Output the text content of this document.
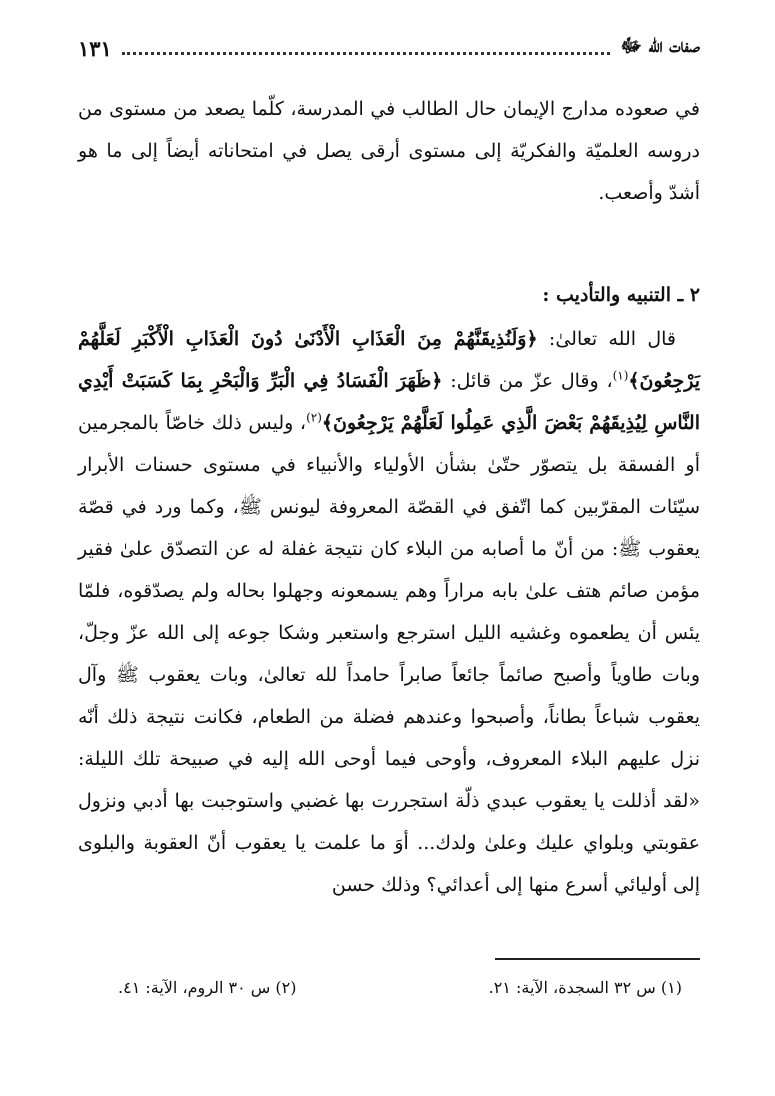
صفات الله ﷻ
١٣١

في صعوده مدارج الإيمان حال الطالب في المدرسة، كلّما يصعد من مستوى من دروسه العلميّة والفكريّة إلى مستوى أرقى يصل في امتحاناته أيضاً إلى ما هو أشدّ وأصعب.

٢ ـ التنبيه والتأديب :

قال الله تعالىٰ: ﴿وَلَنُذِيقَنَّهُمْ مِنَ الْعَذَابِ الْأَدْنَىٰ دُونَ الْعَذَابِ الْأَكْبَرِ لَعَلَّهُمْ يَرْجِعُونَ﴾$^{(١)}$، وقال عزّ من قائل: ﴿ظَهَرَ الْفَسَادُ فِي الْبَرِّ وَالْبَحْرِ بِمَا كَسَبَتْ أَيْدِي النَّاسِ لِيُذِيقَهُمْ بَعْضَ الَّذِي عَمِلُوا لَعَلَّهُمْ يَرْجِعُونَ﴾$^{(٢)}$، وليس ذلك خاصّاً بالمجرمين أو الفسقة بل يتصوّر حتّىٰ بشأن الأولياء والأنبياء في مستوى حسنات الأبرار سيّئات المقرّبين كما اتّفق في القصّة المعروفة ليونس ﷺ، وكما ورد في قصّة يعقوب ﷺ: من أنّ ما أصابه من البلاء كان نتيجة غفلة له عن التصدّق علىٰ فقير مؤمن صائم هتف علىٰ بابه مراراً وهم يسمعونه وجهلوا بحاله ولم يصدّقوه، فلمّا يئس أن يطعموه وغشيه الليل استرجع واستعبر وشكا جوعه إلى الله عزّ وجلّ، وبات طاوياً وأصبح صائماً جائعاً صابراً حامداً لله تعالىٰ، وبات يعقوب ﷺ وآل يعقوب شباعاً بطاناً، وأصبحوا وعندهم فضلة من الطعام، فكانت نتيجة ذلك أنّه نزل عليهم البلاء المعروف، وأوحى فيما أوحى الله إليه في صبيحة تلك الليلة: «لقد أذللت يا يعقوب عبدي ذلّة استجررت بها غضبي واستوجبت بها أدبي ونزول عقوبتي وبلواي عليك وعلىٰ ولدك... أوَ ما علمت يا يعقوب أنّ العقوبة والبلوى إلى أوليائي أسرع منها إلى أعدائي؟ وذلك حسن

(١) س ٣٢ السجدة، الآية: ٢١.
(٢) س ٣٠ الروم، الآية: ٤١.
